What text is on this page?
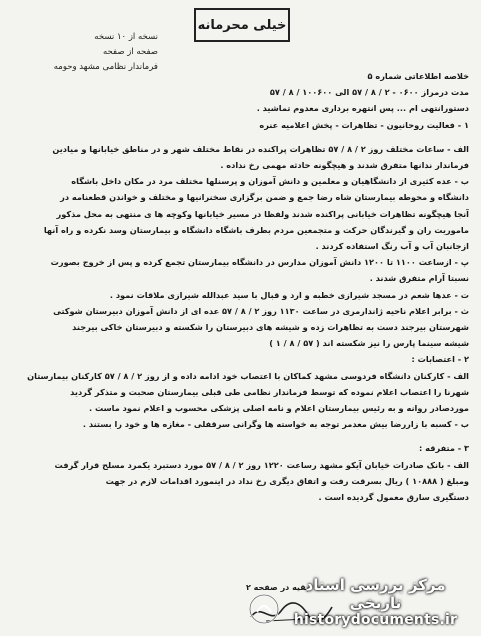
خیلی محرمانه
نسخه از ۱۰ نسخه
صفحه از صفحه
فرماندار نظامی مشهد وحومه
خلاصه اطلاعاتی شماره ۵
مدت درمراز ۰۶۰۰ - ۲ / ۸ / ۵۷ الی ۱۰۰۶۰۰ / ۸ / ۵۷
دستورانتهی ام ... پس انتهره برداری معدوم تماشید .
۱ - فعالیت روحانیون - تظاهرات - پخش اعلامیه عنره
الف - ساعات مختلف روز ۲ / ۸ / ۵۷ تظاهرات پراکنده در نقاط مختلف شهر و در مناطق خیابانها و میادین
فرماندار ندانها متفرق شدند و هیچگونه حادثه مهمی رخ نداده .
ب - عده کثیری از دانشگاهیان و معلمین و دانش آموزان و پرسنلها مختلف مرد در مکان داخل باشگاه
دانشگاه و محوطه بیمارستان شاه رضا جمع و ضمن برگزاری سخنرانیها و مختلف و خواندن قطعنامه در
آنجا هیچگونه تظاهرات خیابانی پراکنده شدند ولفظا در مسیر خیابانها وکوچه ها ی منتهی به محل مذکور
ماموریت ران و گیرندگان حرکت و متجمعین مردم بطرف باشگاه دانشگاه و بیمارستان وسد نکرده و راه آنها
ازجانبان آب و آب رنگ استفاده کردند .
پ - ازساعت ۱۱۰۰ تا ۱۲۰۰ دانش آموزان مدارس در دانشگاه بیمارستان تجمع کرده و پس از خروج بصورت
نسبتا آرام متفرق شدند .
ت - عدها شعم در مسجد شیرازی خطبه و ارد و قبال با سید عبدالله شیرازی ملاقات نمود .
ث - برابر اعلام ناحیه ژاندارمری در ساعت ۱۱۳۰ روز ۲ / ۸ / ۵۷ عده ای از دانش آموزان دبیرستان شوکتی
شهرستان بیرجند دست به تظاهرات زده و شیشه های دبیرستان را شکسته و دبیرستان خاکی بیرجند
شیشه سینما پارس را نیز شکسته اند ( ۵۷ / ۸ / ۱ )
۲ - اعتصابات :
الف - کارکنان دانشگاه فردوسی مشهد کماکان با اعتصاب خود ادامه داده و از روز ۲ / ۸ / ۵۷ کارکنان بیمارستان
شهرنا را اعتصاب اعلام نموده که توسط فرماندار نظامی طی قبلی بیمارستان صحبت و متذکر گردید
موردصادر روانه و به رئیس بیمارستان اعلام و نامه اصلی پزشکی محسوب و اعلام نمود ماست .
ب - کسبه با زاررضا بیش معدمر توجه به خواسته ها وگرانی سرقفلی - مغازه ها و خود را بستند .
۳ - متفرقه :
الف - بانک صادرات خیابان آیکو مشهد رساعت ۱۲۲۰ روز ۲ / ۸ / ۵۷ مورد دستبرد یکمرد مسلح قرار گرفت
ومبلغ ( ۱۰۸۸۸ ) ریال بسرقت رفت و اتفاق دیگری رخ نداد در اینمورد اقدامات لازم در جهت
دستگیری سارق معمول گردیده است .
بقیه در صفحه ۲
مرکز بررسی اسناد تاریخی
historydocuments.ir
